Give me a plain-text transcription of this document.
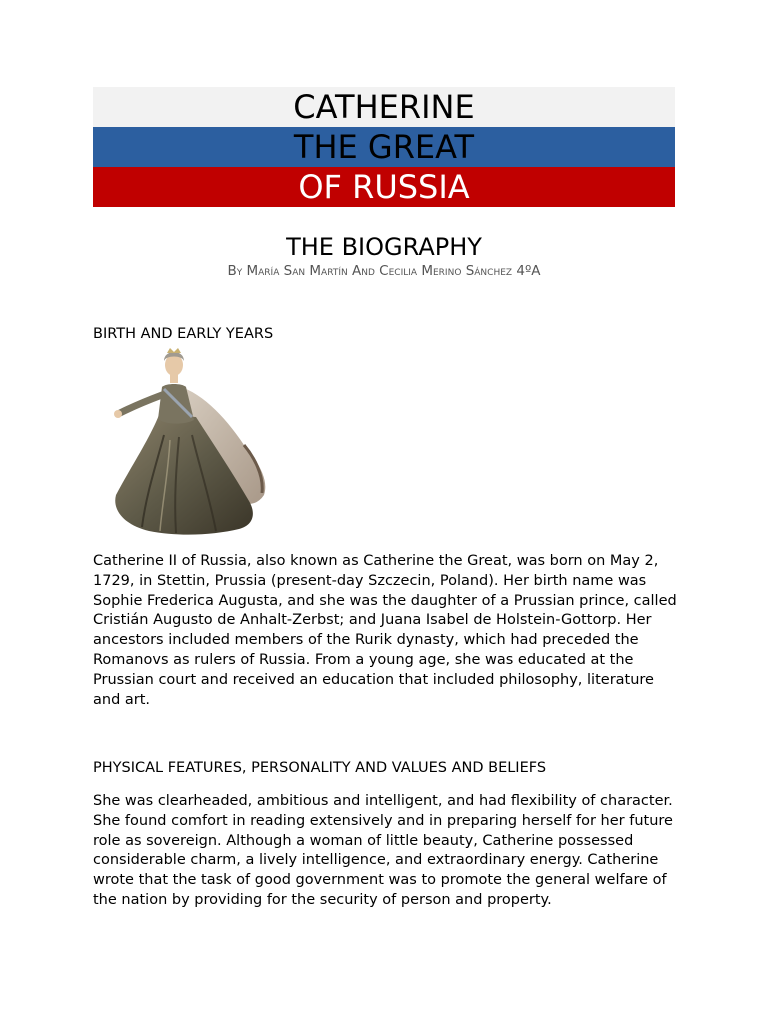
CATHERINE
THE GREAT
OF RUSSIA
THE BIOGRAPHY
By María San Martín And Cecilia Merino Sánchez 4ºA
BIRTH AND EARLY YEARS
Catherine II of Russia, also known as Catherine the Great, was born on May 2, 1729, in Stettin, Prussia (present-day Szczecin, Poland). Her birth name was Sophie Frederica Augusta, and she was the daughter of a Prussian prince, called Cristián Augusto de Anhalt-Zerbst; and Juana Isabel de Holstein-Gottorp. Her ancestors included members of the Rurik dynasty, which had preceded the Romanovs as rulers of Russia. From a young age, she was educated at the Prussian court and received an education that included philosophy, literature and art.
PHYSICAL FEATURES, PERSONALITY AND VALUES AND BELIEFS
She was clearheaded, ambitious and intelligent, and had flexibility of character. She found comfort in reading extensively and in preparing herself for her future role as sovereign. Although a woman of little beauty, Catherine possessed considerable charm, a lively intelligence, and extraordinary energy. Catherine wrote that the task of good government was to promote the general welfare of the nation by providing for the security of person and property.
